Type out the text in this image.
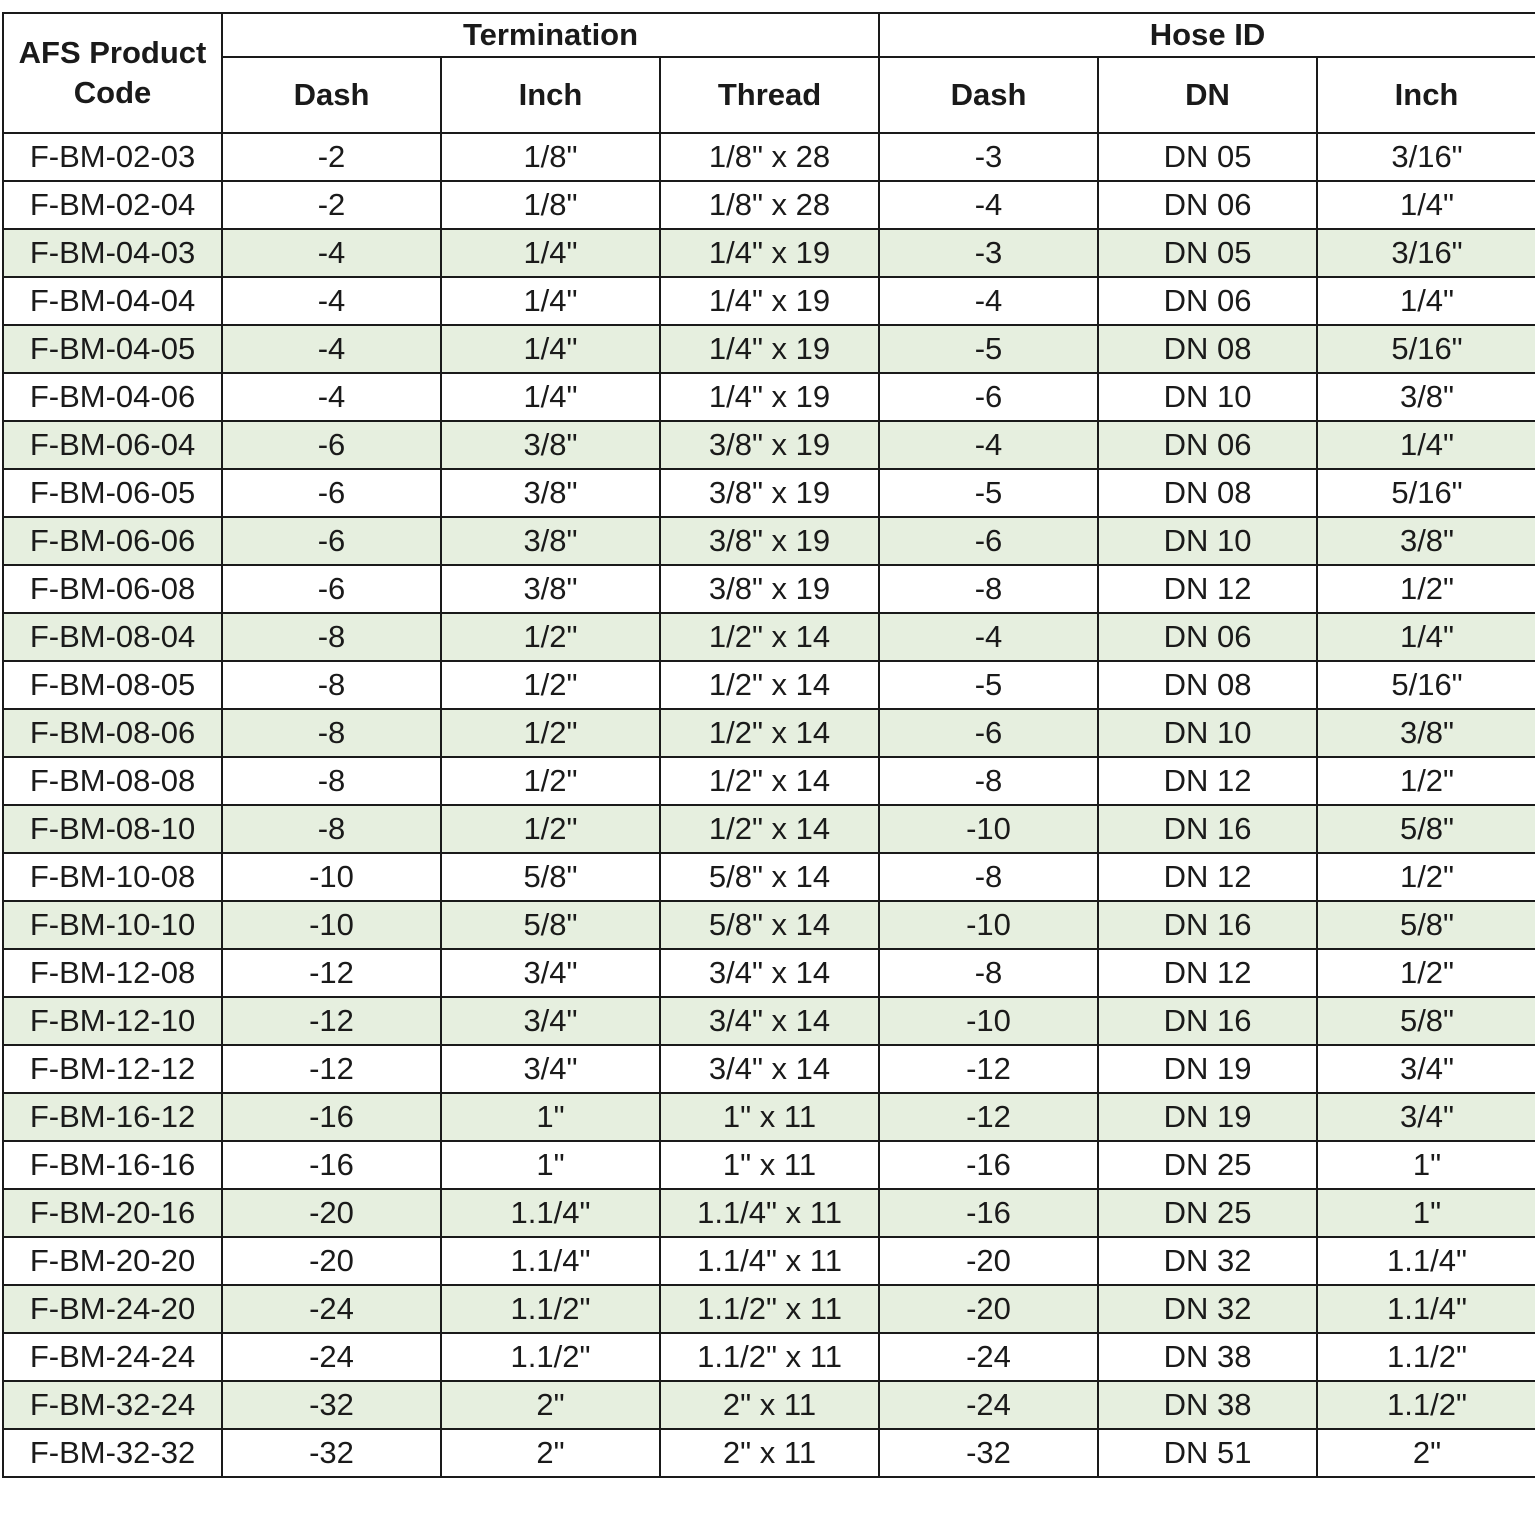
AFS Product Code	Termination			Hose ID		
	Dash	Inch	Thread	Dash	DN	Inch
F-BM-02-03	-2	1/8"	1/8" x 28	-3	DN 05	3/16"
F-BM-02-04	-2	1/8"	1/8" x 28	-4	DN 06	1/4"
F-BM-04-03	-4	1/4"	1/4" x 19	-3	DN 05	3/16"
F-BM-04-04	-4	1/4"	1/4" x 19	-4	DN 06	1/4"
F-BM-04-05	-4	1/4"	1/4" x 19	-5	DN 08	5/16"
F-BM-04-06	-4	1/4"	1/4" x 19	-6	DN 10	3/8"
F-BM-06-04	-6	3/8"	3/8" x 19	-4	DN 06	1/4"
F-BM-06-05	-6	3/8"	3/8" x 19	-5	DN 08	5/16"
F-BM-06-06	-6	3/8"	3/8" x 19	-6	DN 10	3/8"
F-BM-06-08	-6	3/8"	3/8" x 19	-8	DN 12	1/2"
F-BM-08-04	-8	1/2"	1/2" x 14	-4	DN 06	1/4"
F-BM-08-05	-8	1/2"	1/2" x 14	-5	DN 08	5/16"
F-BM-08-06	-8	1/2"	1/2" x 14	-6	DN 10	3/8"
F-BM-08-08	-8	1/2"	1/2" x 14	-8	DN 12	1/2"
F-BM-08-10	-8	1/2"	1/2" x 14	-10	DN 16	5/8"
F-BM-10-08	-10	5/8"	5/8" x 14	-8	DN 12	1/2"
F-BM-10-10	-10	5/8"	5/8" x 14	-10	DN 16	5/8"
F-BM-12-08	-12	3/4"	3/4" x 14	-8	DN 12	1/2"
F-BM-12-10	-12	3/4"	3/4" x 14	-10	DN 16	5/8"
F-BM-12-12	-12	3/4"	3/4" x 14	-12	DN 19	3/4"
F-BM-16-12	-16	1"	1" x 11	-12	DN 19	3/4"
F-BM-16-16	-16	1"	1" x 11	-16	DN 25	1"
F-BM-20-16	-20	1.1/4"	1.1/4" x 11	-16	DN 25	1"
F-BM-20-20	-20	1.1/4"	1.1/4" x 11	-20	DN 32	1.1/4"
F-BM-24-20	-24	1.1/2"	1.1/2" x 11	-20	DN 32	1.1/4"
F-BM-24-24	-24	1.1/2"	1.1/2" x 11	-24	DN 38	1.1/2"
F-BM-32-24	-32	2"	2" x 11	-24	DN 38	1.1/2"
F-BM-32-32	-32	2"	2" x 11	-32	DN 51	2"
